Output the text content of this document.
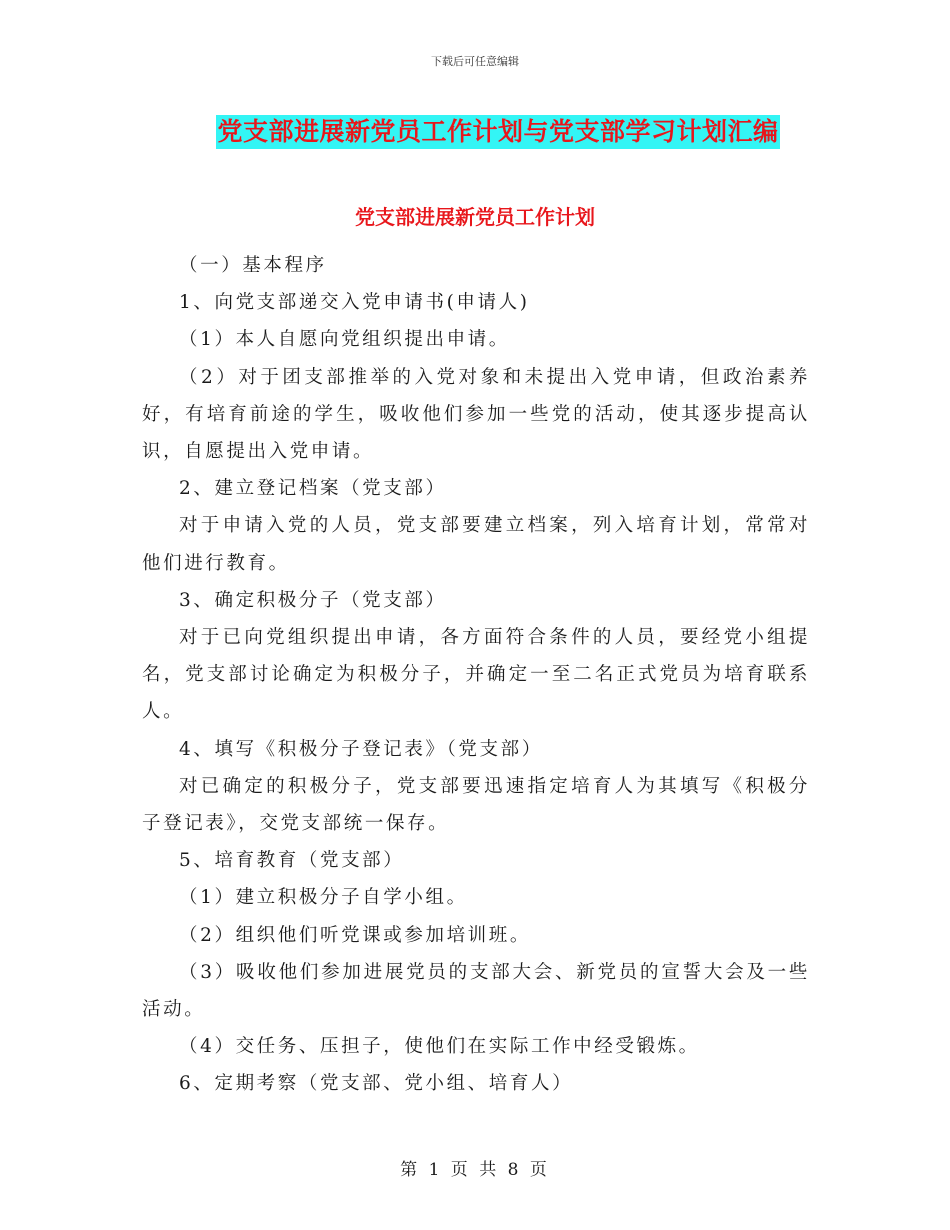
下载后可任意编辑
党支部进展新党员工作计划与党支部学习计划汇编
党支部进展新党员工作计划

（一）基本程序

1、向党支部递交入党申请书(申请人)

（1）本人自愿向党组织提出申请。

（2）对于团支部推举的入党对象和未提出入党申请，但政治素养好，有培育前途的学生，吸收他们参加一些党的活动，使其逐步提高认识，自愿提出入党申请。

2、建立登记档案（党支部）

对于申请入党的人员，党支部要建立档案，列入培育计划，常常对他们进行教育。

3、确定积极分子（党支部）

对于已向党组织提出申请，各方面符合条件的人员，要经党小组提名，党支部讨论确定为积极分子，并确定一至二名正式党员为培育联系人。

4、填写《积极分子登记表》（党支部）

对已确定的积极分子，党支部要迅速指定培育人为其填写《积极分子登记表》，交党支部统一保存。

5、培育教育（党支部）

（1）建立积极分子自学小组。

（2）组织他们听党课或参加培训班。

（3）吸收他们参加进展党员的支部大会、新党员的宣誓大会及一些活动。

（4）交任务、压担子，使他们在实际工作中经受锻炼。

6、定期考察（党支部、党小组、培育人）

第 1 页 共 8 页
